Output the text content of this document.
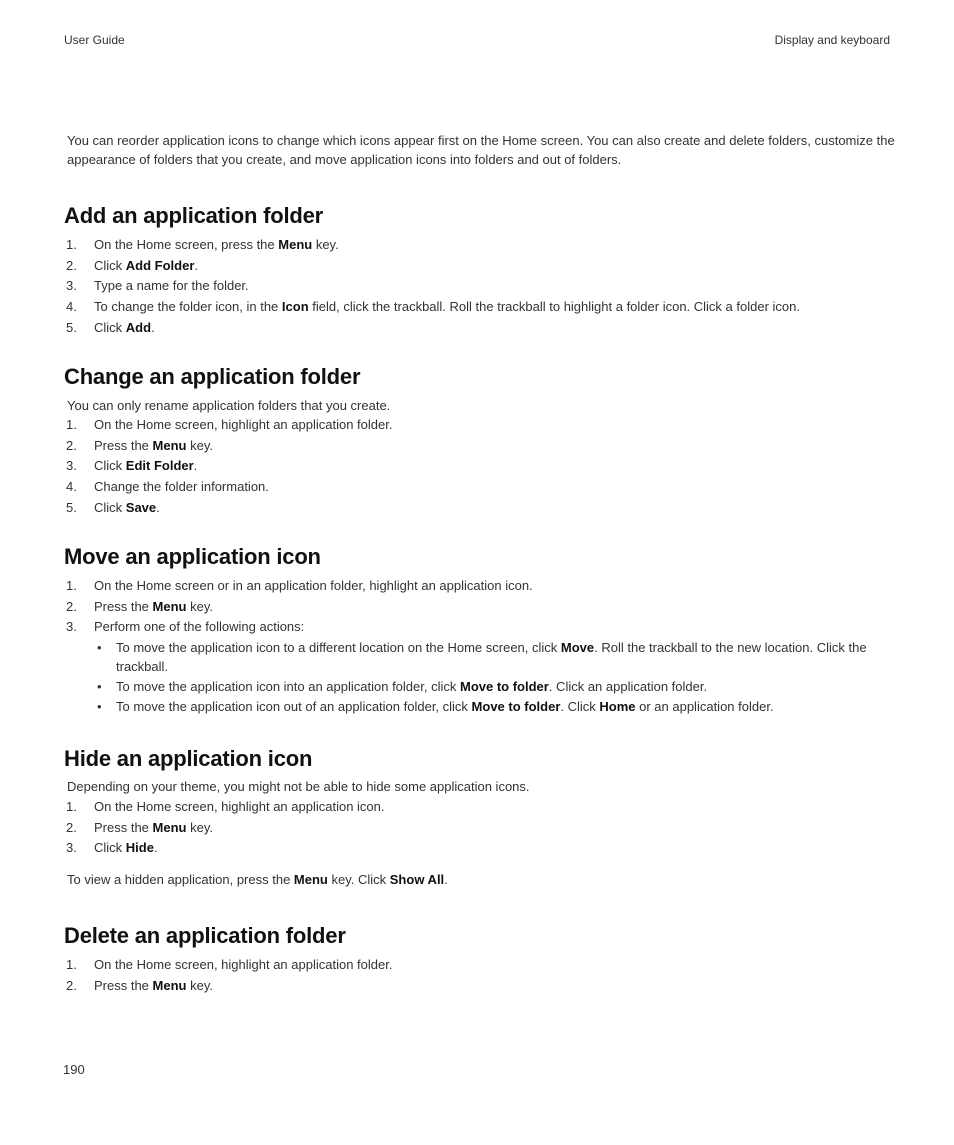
User Guide	Display and keyboard
You can reorder application icons to change which icons appear first on the Home screen. You can also create and delete folders, customize the appearance of folders that you create, and move application icons into folders and out of folders.
Add an application folder
1. On the Home screen, press the Menu key.
2. Click Add Folder.
3. Type a name for the folder.
4. To change the folder icon, in the Icon field, click the trackball. Roll the trackball to highlight a folder icon. Click a folder icon.
5. Click Add.
Change an application folder
You can only rename application folders that you create.
1. On the Home screen, highlight an application folder.
2. Press the Menu key.
3. Click Edit Folder.
4. Change the folder information.
5. Click Save.
Move an application icon
1. On the Home screen or in an application folder, highlight an application icon.
2. Press the Menu key.
3. Perform one of the following actions:
• To move the application icon to a different location on the Home screen, click Move. Roll the trackball to the new location. Click the trackball.
• To move the application icon into an application folder, click Move to folder. Click an application folder.
• To move the application icon out of an application folder, click Move to folder. Click Home or an application folder.
Hide an application icon
Depending on your theme, you might not be able to hide some application icons.
1. On the Home screen, highlight an application icon.
2. Press the Menu key.
3. Click Hide.
To view a hidden application, press the Menu key. Click Show All.
Delete an application folder
1. On the Home screen, highlight an application folder.
2. Press the Menu key.
190
